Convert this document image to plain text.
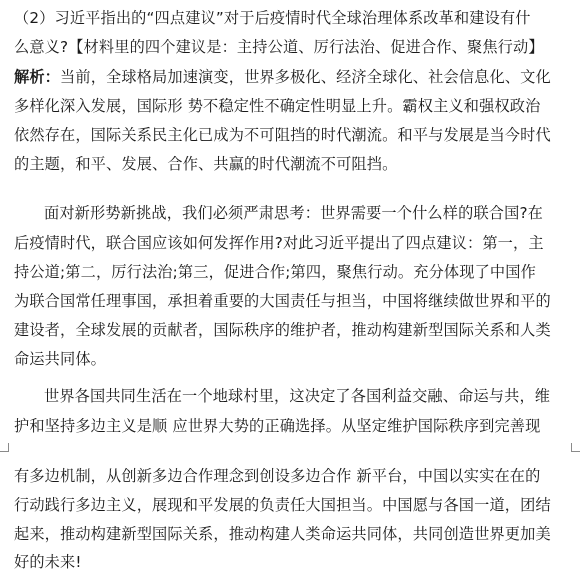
（2）习近平指出的“四点建议”对于后疫情时代全球治理体系改革和建设有什
么意义?【材料里的四个建议是：主持公道、厉行法治、促进合作、聚焦行动】
解析：当前，全球格局加速演变，世界多极化、经济全球化、社会信息化、文化
多样化深入发展，国际形 势不稳定性不确定性明显上升。霸权主义和强权政治
依然存在，国际关系民主化已成为不可阻挡的时代潮流。和平与发展是当今时代
的主题，和平、发展、合作、共赢的时代潮流不可阻挡。
面对新形势新挑战，我们必须严肃思考：世界需要一个什么样的联合国?在
后疫情时代，联合国应该如何发挥作用?对此习近平提出了四点建议：第一，主
持公道;第二，厉行法治;第三，促进合作;第四，聚焦行动。充分体现了中国作
为联合国常任理事国，承担着重要的大国责任与担当，中国将继续做世界和平的
建设者，全球发展的贡献者，国际秩序的维护者，推动构建新型国际关系和人类
命运共同体。
世界各国共同生活在一个地球村里，这决定了各国利益交融、命运与共，维
护和坚持多边主义是顺 应世界大势的正确选择。从坚定维护国际秩序到完善现
有多边机制，从创新多边合作理念到创设多边合作 新平台，中国以实实在在的
行动践行多边主义，展现和平发展的负责任大国担当。中国愿与各国一道，团结
起来，推动构建新型国际关系，推动构建人类命运共同体，共同创造世界更加美
好的未来!
